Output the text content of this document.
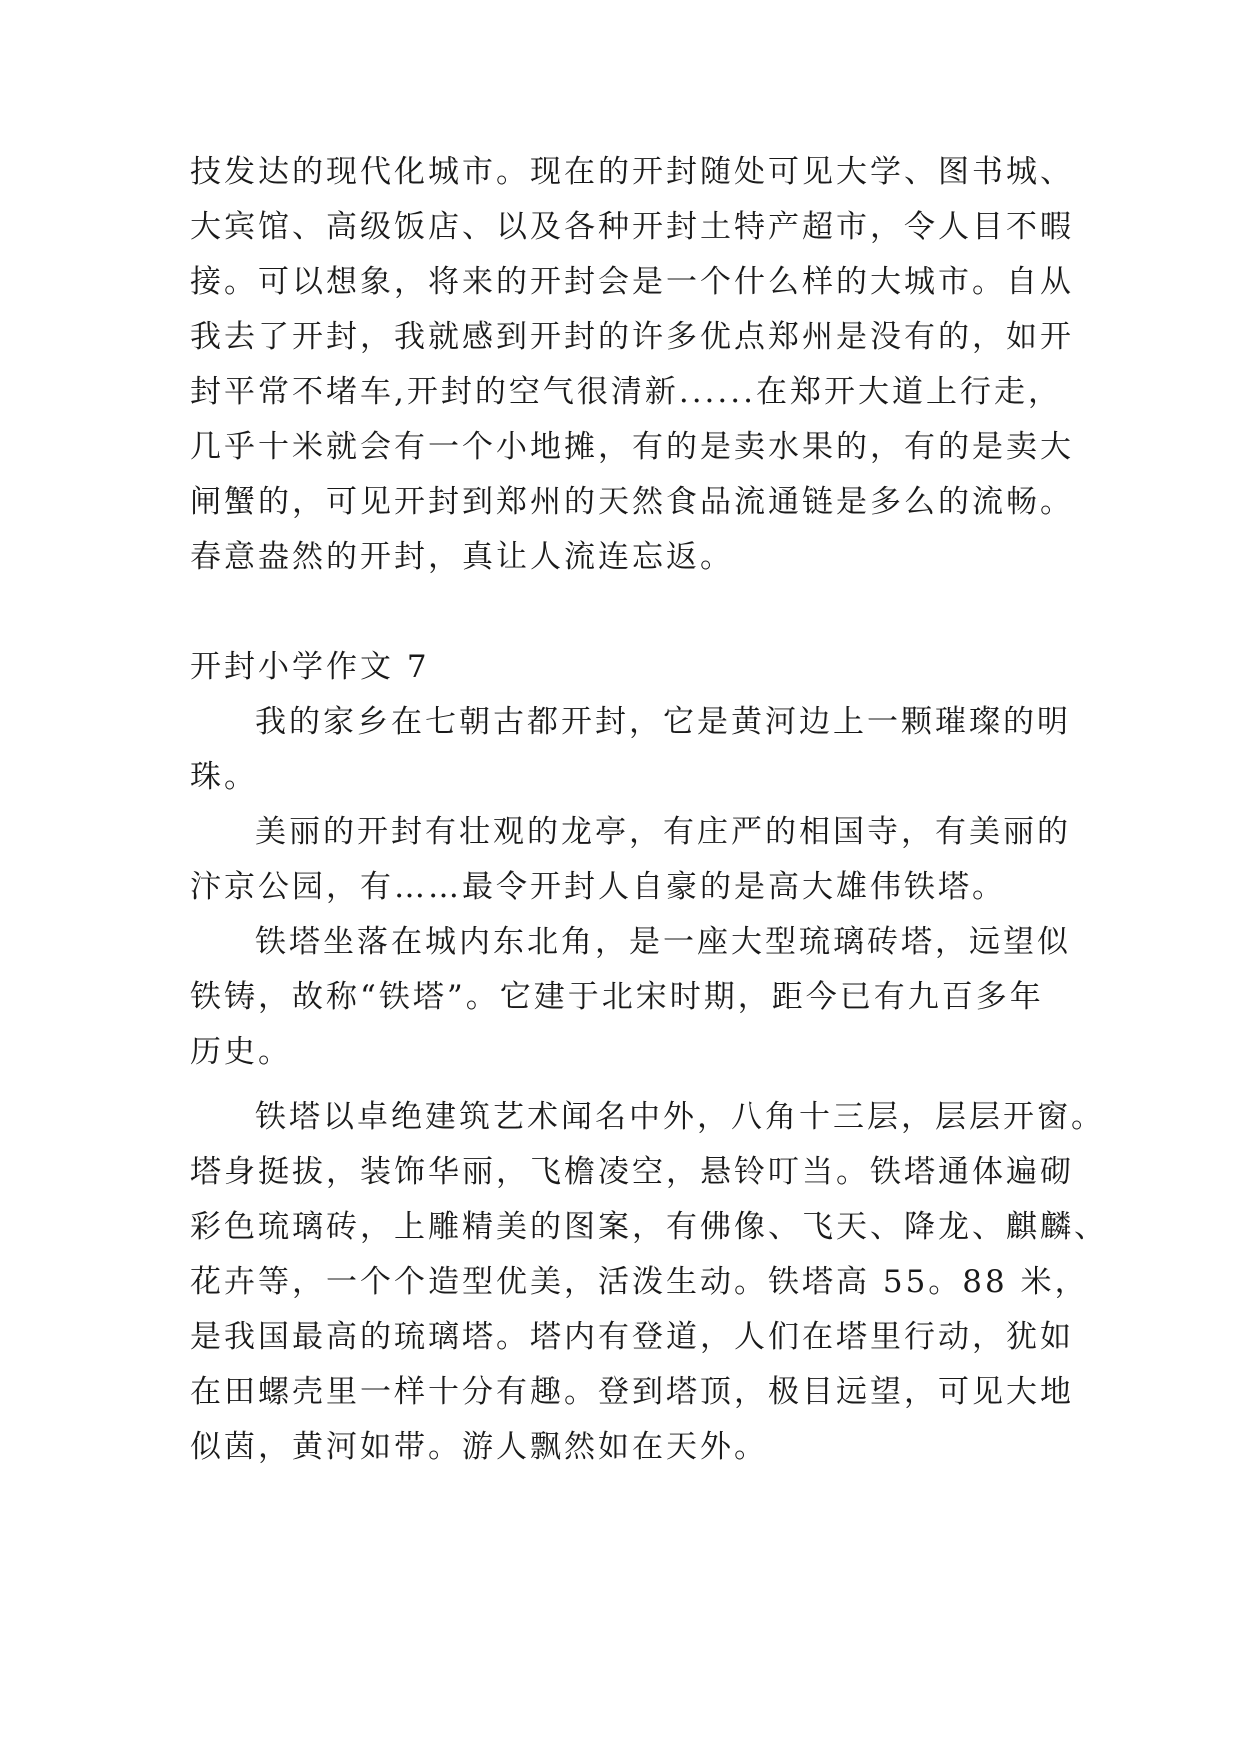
技发达的现代化城市。现在的开封随处可见大学、图书城、
大宾馆、高级饭店、以及各种开封土特产超市，令人目不暇
接。可以想象，将来的开封会是一个什么样的大城市。自从
我去了开封，我就感到开封的许多优点郑州是没有的，如开
封平常不堵车,开封的空气很清新......在郑开大道上行走，
几乎十米就会有一个小地摊，有的是卖水果的，有的是卖大
闸蟹的，可见开封到郑州的天然食品流通链是多么的流畅。
春意盎然的开封，真让人流连忘返。
开封小学作文 7
我的家乡在七朝古都开封，它是黄河边上一颗璀璨的明
珠。
美丽的开封有壮观的龙亭，有庄严的相国寺，有美丽的
汴京公园，有……最令开封人自豪的是高大雄伟铁塔。
铁塔坐落在城内东北角，是一座大型琉璃砖塔，远望似
铁铸，故称“铁塔”。它建于北宋时期，距今已有九百多年
历史。
铁塔以卓绝建筑艺术闻名中外，八角十三层，层层开窗。
塔身挺拔，装饰华丽，飞檐凌空，悬铃叮当。铁塔通体遍砌
彩色琉璃砖，上雕精美的图案，有佛像、飞天、降龙、麒麟、
花卉等，一个个造型优美，活泼生动。铁塔高 55。88 米，
是我国最高的琉璃塔。塔内有登道，人们在塔里行动，犹如
在田螺壳里一样十分有趣。登到塔顶，极目远望，可见大地
似茵，黄河如带。游人飘然如在天外。
